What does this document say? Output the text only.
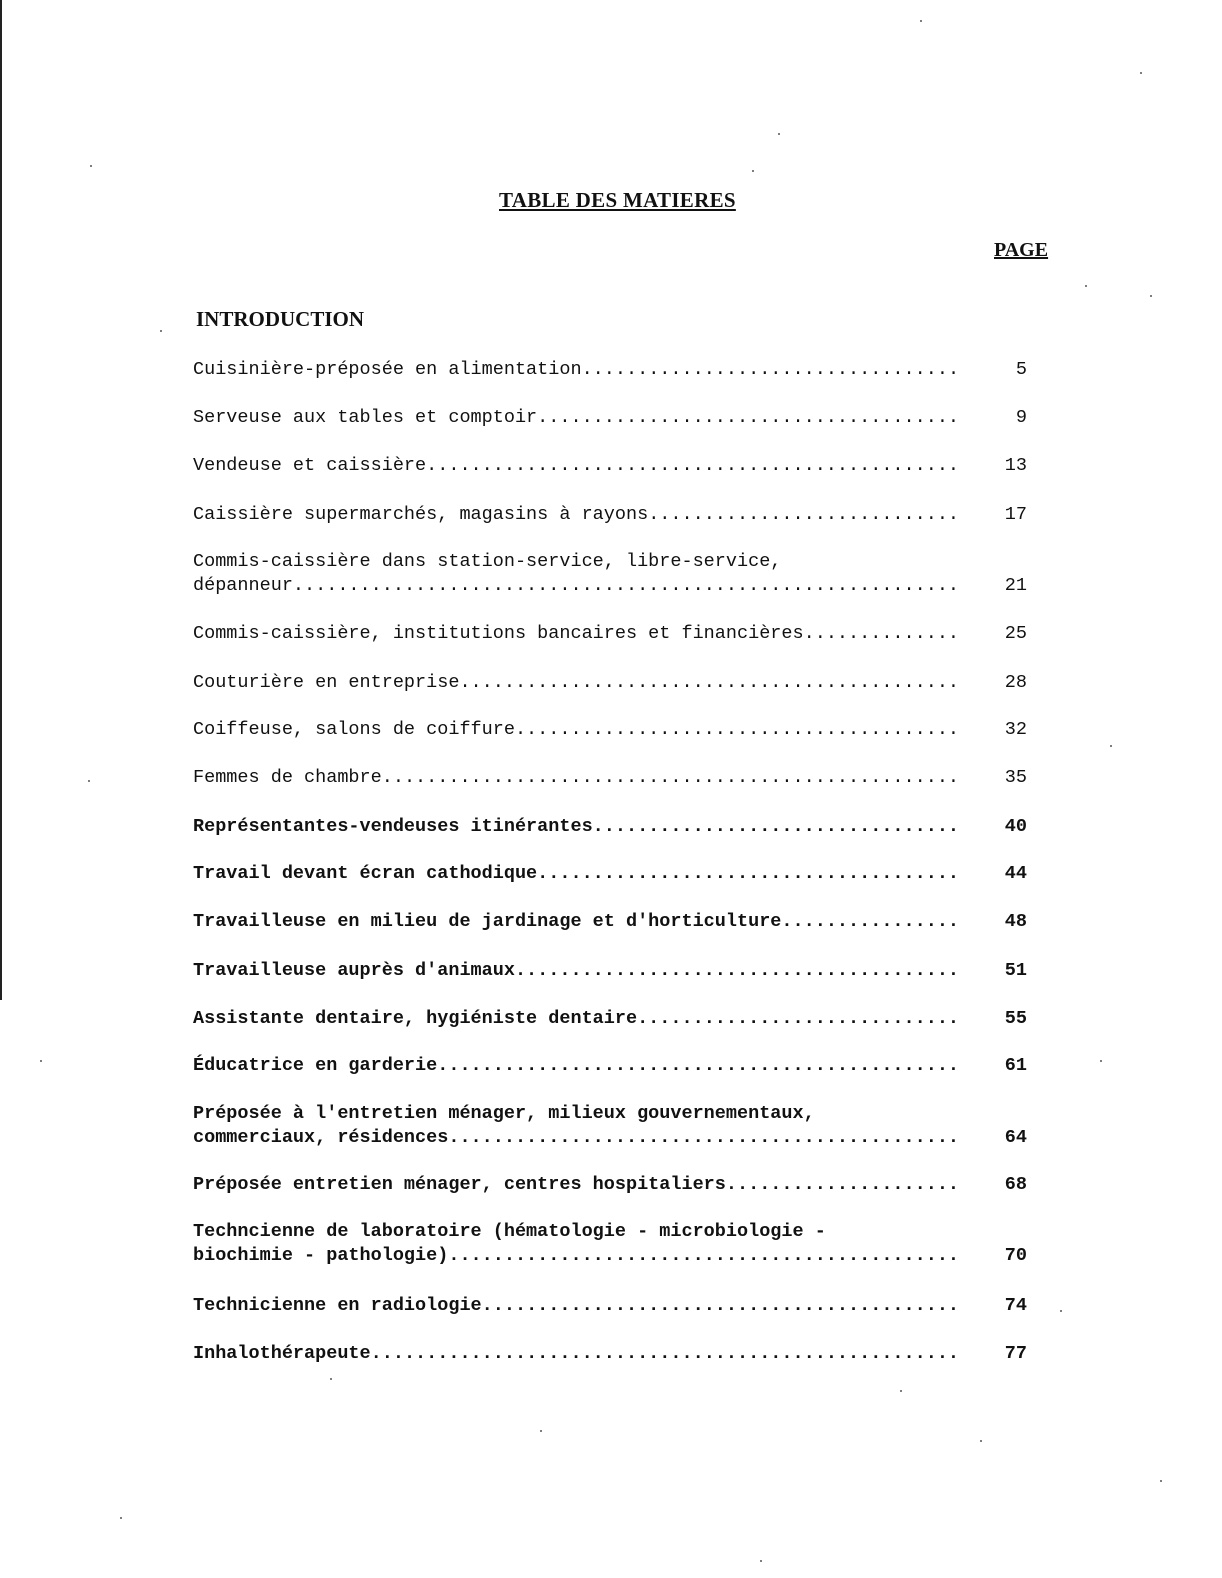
TABLE DES MATIERES
PAGE
INTRODUCTION
Cuisinière-préposée en alimentation .....	5
Serveuse aux tables et comptoir .....	9
Vendeuse et caissière .....	13
Caissière supermarchés, magasins à rayons .....	17
Commis-caissière dans station-service, libre-service,
dépanneur .....	21
Commis-caissière, institutions bancaires et financières .....	25
Couturière en entreprise .....	28
Coiffeuse, salons de coiffure .....	32
Femmes de chambre .....	35
Représentantes-vendeuses itinérantes .....	40
Travail devant écran cathodique .....	44
Travailleuse en milieu de jardinage et d'horticulture .....	48
Travailleuse auprès d'animaux .....	51
Assistante dentaire, hygiéniste dentaire .....	55
Éducatrice en garderie .....	61
Préposée à l'entretien ménager, milieux gouvernementaux,
commerciaux, résidences .....	64
Préposée entretien ménager, centres hospitaliers .....	68
Techncienne de laboratoire (hématologie - microbiologie -
biochimie - pathologie) .....	70
Technicienne en radiologie .....	74
Inhalothérapeute .....	77
